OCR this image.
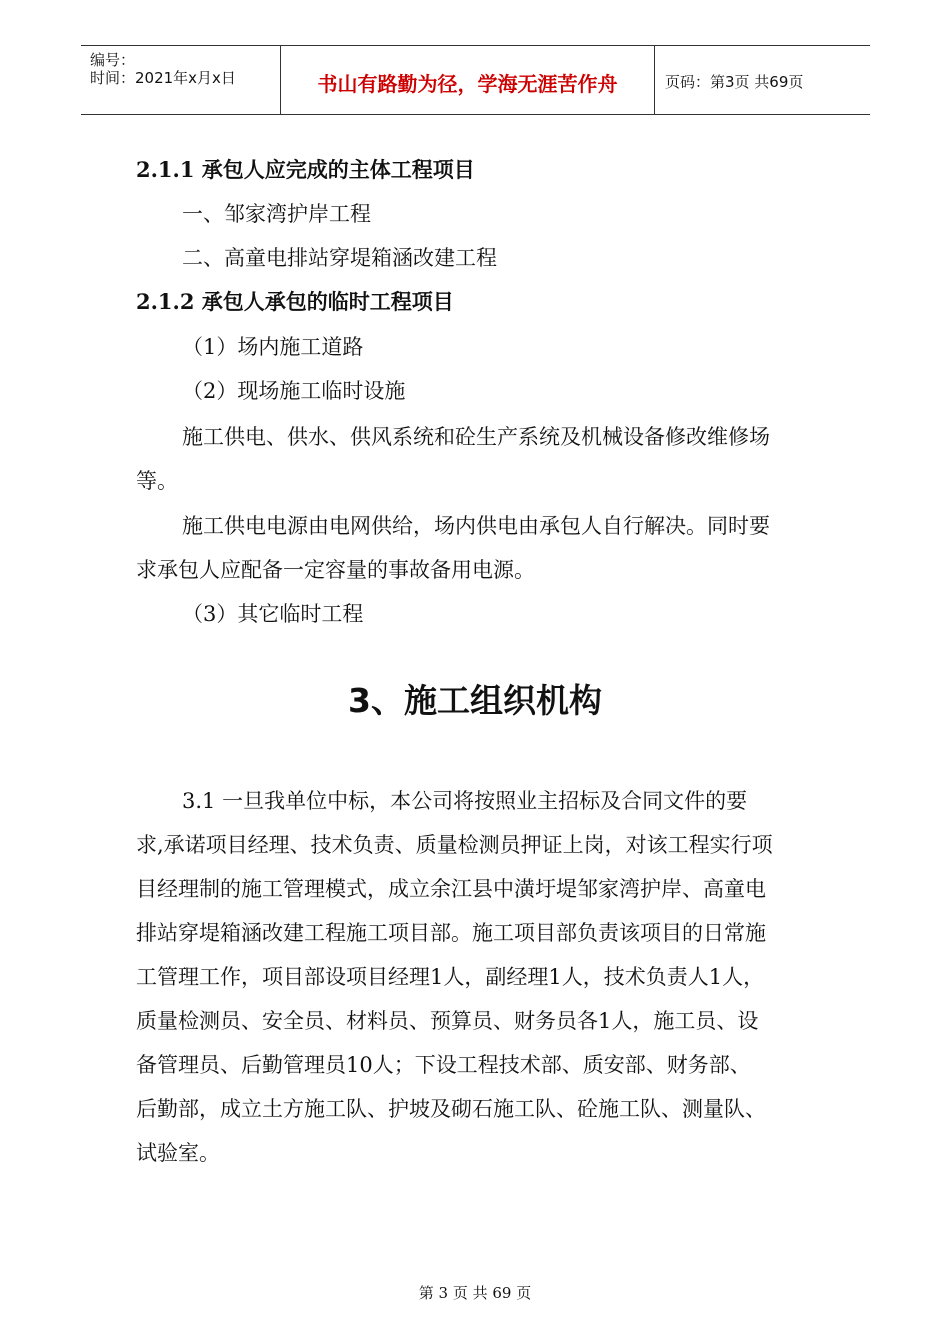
编号：
时间：2021年x月x日	书山有路勤为径，学海无涯苦作舟	页码：第3页 共69页
2.1.1 承包人应完成的主体工程项目
一、邹家湾护岸工程
二、高童电排站穿堤箱涵改建工程
2.1.2 承包人承包的临时工程项目
（1）场内施工道路
（2）现场施工临时设施
施工供电、供水、供风系统和砼生产系统及机械设备修改维修场
等。
施工供电电源由电网供给，场内供电由承包人自行解决。同时要
求承包人应配备一定容量的事故备用电源。
（3）其它临时工程
3、施工组织机构
3.1 一旦我单位中标，本公司将按照业主招标及合同文件的要
求,承诺项目经理、技术负责、质量检测员押证上岗，对该工程实行项
目经理制的施工管理模式，成立余江县中潢圩堤邹家湾护岸、高童电
排站穿堤箱涵改建工程施工项目部。施工项目部负责该项目的日常施
工管理工作，项目部设项目经理1人，副经理1人，技术负责人1人，
质量检测员、安全员、材料员、预算员、财务员各1人，施工员、设
备管理员、后勤管理员10人；下设工程技术部、质安部、财务部、
后勤部，成立土方施工队、护坡及砌石施工队、砼施工队、测量队、
试验室。
第 3 页 共 69 页
